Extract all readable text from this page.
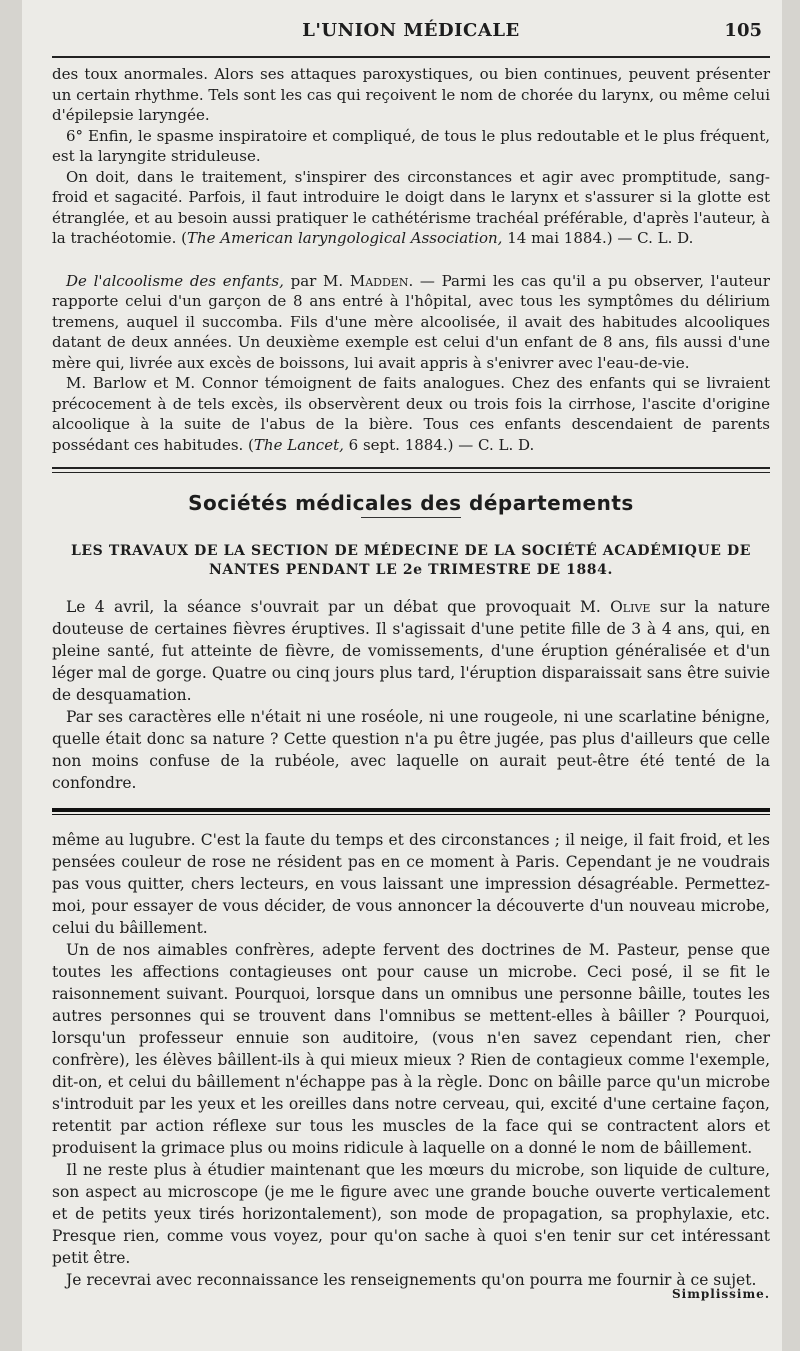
L'UNION MÉDICALE	105

des toux anormales. Alors ses attaques paroxystiques, ou bien continues, peuvent présenter un certain rhythme. Tels sont les cas qui reçoivent le nom de chorée du larynx, ou même celui d'épilepsie laryngée.

6° Enfin, le spasme inspiratoire et compliqué, de tous le plus redoutable et le plus fréquent, est la laryngite striduleuse.

On doit, dans le traitement, s'inspirer des circonstances et agir avec promptitude, sang-froid et sagacité. Parfois, il faut introduire le doigt dans le larynx et s'assurer si la glotte est étranglée, et au besoin aussi pratiquer le cathétérisme trachéal préférable, d'après l'auteur, à la trachéotomie. (The American laryngological Association, 14 mai 1884.) — C. L. D.

De l'alcoolisme des enfants, par M. Madden. — Parmi les cas qu'il a pu observer, l'auteur rapporte celui d'un garçon de 8 ans entré à l'hôpital, avec tous les symptômes du délirium tremens, auquel il succomba. Fils d'une mère alcoolisée, il avait des habitudes alcooliques datant de deux années. Un deuxième exemple est celui d'un enfant de 8 ans, fils aussi d'une mère qui, livrée aux excès de boissons, lui avait appris à s'enivrer avec l'eau-de-vie.

M. Barlow et M. Connor témoignent de faits analogues. Chez des enfants qui se livraient précocement à de tels excès, ils observèrent deux ou trois fois la cirrhose, l'ascite d'origine alcoolique à la suite de l'abus de la bière. Tous ces enfants descendaient de parents possédant ces habitudes. (The Lancet, 6 sept. 1884.) — C. L. D.

Sociétés médicales des départements
LES TRAVAUX DE LA SECTION DE MÉDECINE DE LA SOCIÉTÉ ACADÉMIQUE DE NANTES PENDANT LE 2e TRIMESTRE DE 1884.

Le 4 avril, la séance s'ouvrait par un débat que provoquait M. Olive sur la nature douteuse de certaines fièvres éruptives. Il s'agissait d'une petite fille de 3 à 4 ans, qui, en pleine santé, fut atteinte de fièvre, de vomissements, d'une éruption généralisée et d'un léger mal de gorge. Quatre ou cinq jours plus tard, l'éruption disparaissait sans être suivie de desquamation.

Par ses caractères elle n'était ni une roséole, ni une rougeole, ni une scarlatine bénigne, quelle était donc sa nature ? Cette question n'a pu être jugée, pas plus d'ailleurs que celle non moins confuse de la rubéole, avec laquelle on aurait peut-être été tenté de la confondre.

même au lugubre. C'est la faute du temps et des circonstances ; il neige, il fait froid, et les pensées couleur de rose ne résident pas en ce moment à Paris. Cependant je ne voudrais pas vous quitter, chers lecteurs, en vous laissant une impression désagréable. Permettez-moi, pour essayer de vous décider, de vous annoncer la découverte d'un nouveau microbe, celui du bâillement.

Un de nos aimables confrères, adepte fervent des doctrines de M. Pasteur, pense que toutes les affections contagieuses ont pour cause un microbe. Ceci posé, il se fit le raisonnement suivant. Pourquoi, lorsque dans un omnibus une personne bâille, toutes les autres personnes qui se trouvent dans l'omnibus se mettent-elles à bâiller ? Pourquoi, lorsqu'un professeur ennuie son auditoire, (vous n'en savez cependant rien, cher confrère), les élèves bâillent-ils à qui mieux mieux ? Rien de contagieux comme l'exemple, dit-on, et celui du bâillement n'échappe pas à la règle. Donc on bâille parce qu'un microbe s'introduit par les yeux et les oreilles dans notre cerveau, qui, excité d'une certaine façon, retentit par action réflexe sur tous les muscles de la face qui se contractent alors et produisent la grimace plus ou moins ridicule à laquelle on a donné le nom de bâillement.

Il ne reste plus à étudier maintenant que les mœurs du microbe, son liquide de culture, son aspect au microscope (je me le figure avec une grande bouche ouverte verticalement et de petits yeux tirés horizontalement), son mode de propagation, sa prophylaxie, etc. Presque rien, comme vous voyez, pour qu'on sache à quoi s'en tenir sur cet intéressant petit être.

Je recevrai avec reconnaissance les renseignements qu'on pourra me fournir à ce sujet.

Simplissime.
